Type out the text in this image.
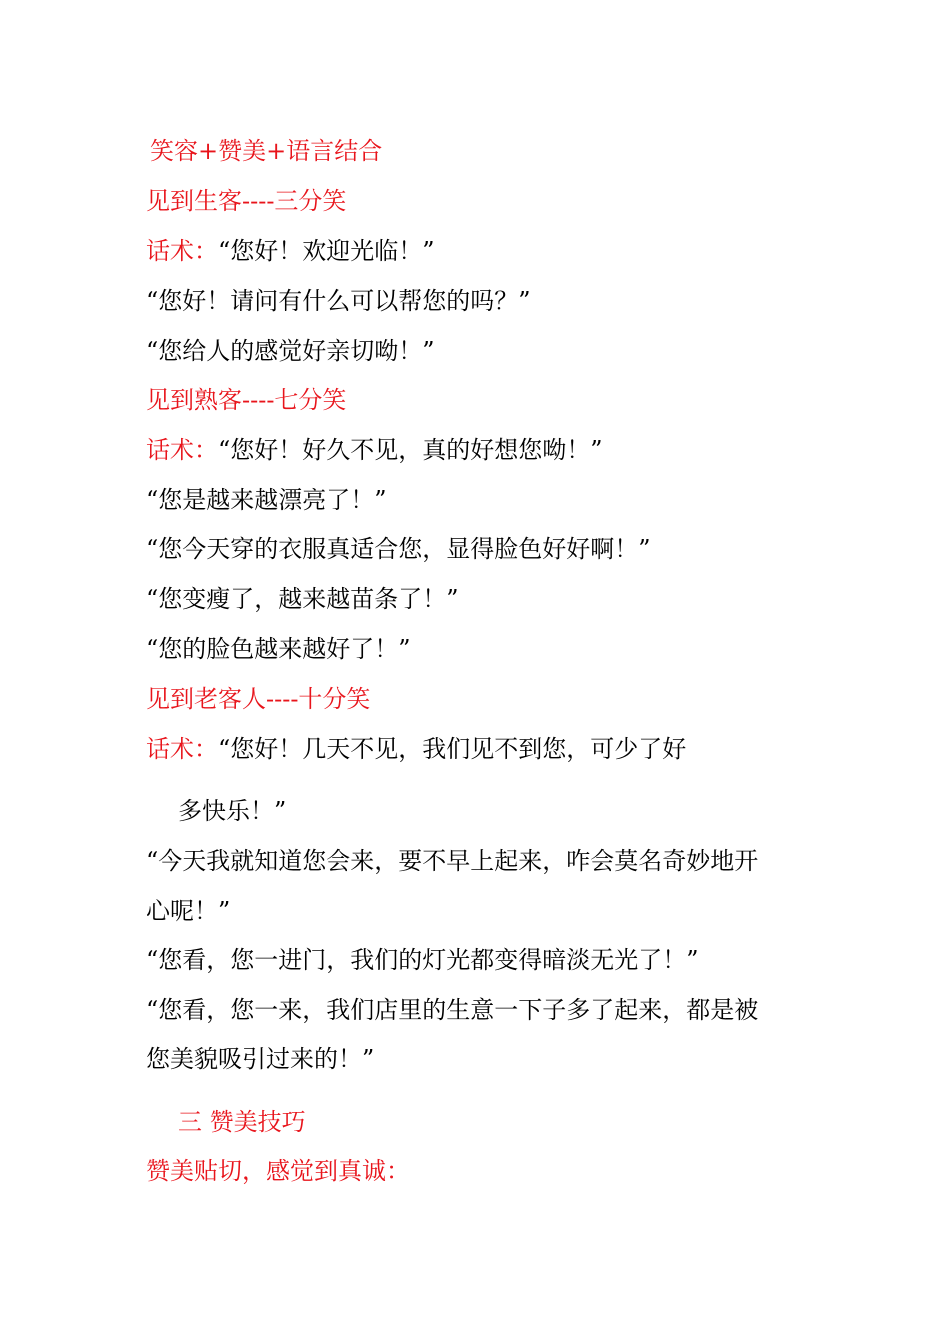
笑容+赞美+语言结合
见到生客----三分笑
话术：“您好！欢迎光临！”
“您好！请问有什么可以帮您的吗？”
“您给人的感觉好亲切呦！”
见到熟客----七分笑
话术：“您好！好久不见，真的好想您呦！”
“您是越来越漂亮了！”
“您今天穿的衣服真适合您，显得脸色好好啊！”
“您变瘦了，越来越苗条了！”
“您的脸色越来越好了！”
见到老客人----十分笑
话术：“您好！几天不见，我们见不到您，可少了好
多快乐！”
“今天我就知道您会来，要不早上起来，咋会莫名奇妙地开
心呢！”
“您看，您一进门，我们的灯光都变得暗淡无光了！”
“您看，您一来，我们店里的生意一下子多了起来，都是被
您美貌吸引过来的！”
三 赞美技巧
赞美贴切，感觉到真诚：
